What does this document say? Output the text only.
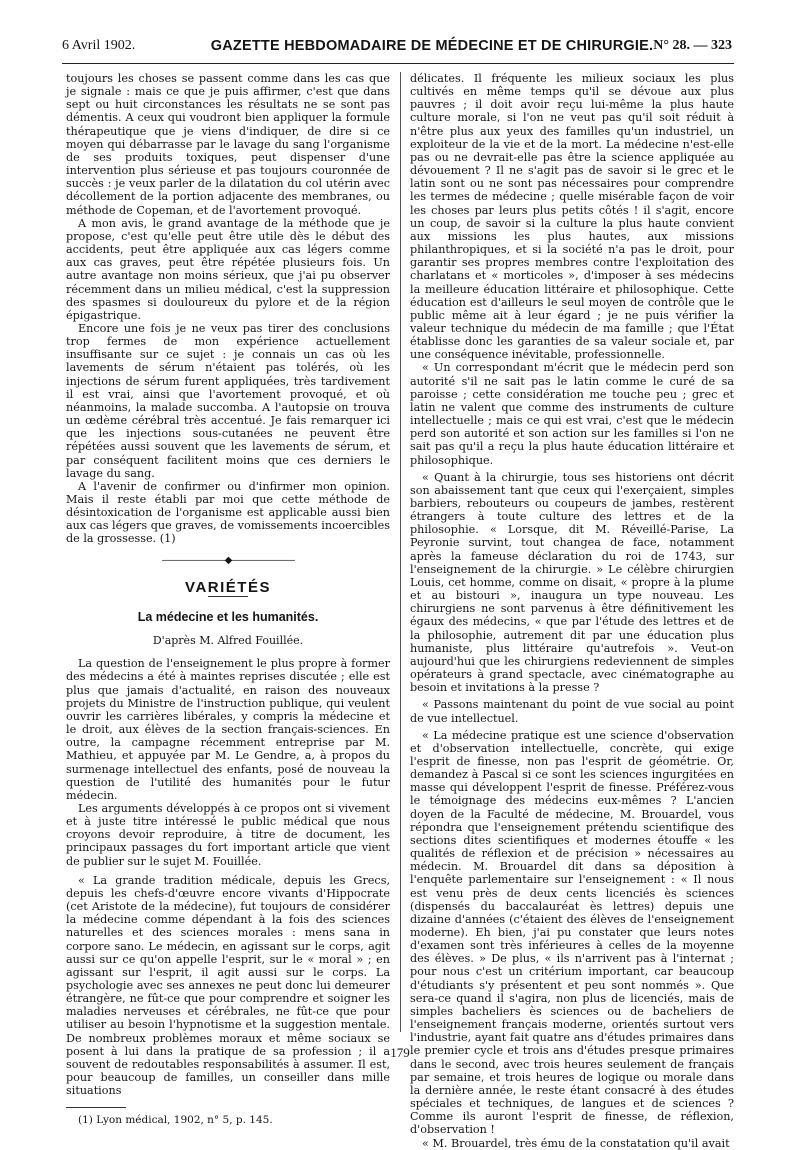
6 Avril 1902.	GAZETTE HEBDOMADAIRE DE MÉDECINE ET DE CHIRURGIE. N° 28. — 323

toujours les choses se passent comme dans les cas que je signale : mais ce que je puis affirmer, c'est que dans sept ou huit circonstances les résultats ne se sont pas démentis. A ceux qui voudront bien appliquer la formule thérapeutique que je viens d'indiquer, de dire si ce moyen qui débarrasse par le lavage du sang l'organisme de ses produits toxiques, peut dispenser d'une intervention plus sérieuse et pas toujours couronnée de succès : je veux parler de la dilatation du col utérin avec décollement de la portion adjacente des membranes, ou méthode de Copeman, et de l'avortement provoqué.

A mon avis, le grand avantage de la méthode que je propose, c'est qu'elle peut être utile dès le début des accidents, peut être appliquée aux cas légers comme aux cas graves, peut être répétée plusieurs fois. Un autre avantage non moins sérieux, que j'ai pu observer récemment dans un milieu médical, c'est la suppression des spasmes si douloureux du pylore et de la région épigastrique.

Encore une fois je ne veux pas tirer des conclusions trop fermes de mon expérience actuellement insuffisante sur ce sujet : je connais un cas où les lavements de sérum n'étaient pas tolérés, où les injections de sérum furent appliquées, très tardivement il est vrai, ainsi que l'avortement provoqué, et où néanmoins, la malade succomba. A l'autopsie on trouva un œdème cérébral très accentué. Je fais remarquer ici que les injections sous-cutanées ne peuvent être répétées aussi souvent que les lavements de sérum, et par conséquent facilitent moins que ces derniers le lavage du sang.

A l'avenir de confirmer ou d'infirmer mon opinion. Mais il reste établi par moi que cette méthode de désintoxication de l'organisme est applicable aussi bien aux cas légers que graves, de vomissements incoercibles de la grossesse. (1)

———————◆———————
VARIÉTÉS
La médecine et les humanités.
D'après M. Alfred Fouillée.

La question de l'enseignement le plus propre à former des médecins a été à maintes reprises discutée ; elle est plus que jamais d'actualité, en raison des nouveaux projets du Ministre de l'instruction publique, qui veulent ouvrir les carrières libérales, y compris la médecine et le droit, aux élèves de la section français-sciences. En outre, la campagne récemment entreprise par M. Mathieu, et appuyée par M. Le Gendre, a, à propos du surmenage intellectuel des enfants, posé de nouveau la question de l'utilité des humanités pour le futur médecin.

Les arguments développés à ce propos ont si vivement et à juste titre intéressé le public médical que nous croyons devoir reproduire, à titre de document, les principaux passages du fort important article que vient de publier sur le sujet M. Fouillée.

« La grande tradition médicale, depuis les Grecs, depuis les chefs-d'œuvre encore vivants d'Hippocrate (cet Aristote de la médecine), fut toujours de considérer la médecine comme dépendant à la fois des sciences naturelles et des sciences morales : mens sana in corpore sano. Le médecin, en agissant sur le corps, agit aussi sur ce qu'on appelle l'esprit, sur le « moral » ; en agissant sur l'esprit, il agit aussi sur le corps. La psychologie avec ses annexes ne peut donc lui demeurer étrangère, ne fût-ce que pour comprendre et soigner les maladies nerveuses et cérébrales, ne fût-ce que pour utiliser au besoin l'hypnotisme et la suggestion mentale. De nombreux problèmes moraux et même sociaux se posent à lui dans la pratique de sa profession ; il a souvent de redoutables responsabilités à assumer. Il est, pour beaucoup de familles, un conseiller dans mille situations

(1) Lyon médical, 1902, n° 5, p. 145.

délicates. Il fréquente les milieux sociaux les plus cultivés en même temps qu'il se dévoue aux plus pauvres ; il doit avoir reçu lui-même la plus haute culture morale, si l'on ne veut pas qu'il soit réduit à n'être plus aux yeux des familles qu'un industriel, un exploiteur de la vie et de la mort. La médecine n'est-elle pas ou ne devrait-elle pas être la science appliquée au dévouement ? Il ne s'agit pas de savoir si le grec et le latin sont ou ne sont pas nécessaires pour comprendre les termes de médecine ; quelle misérable façon de voir les choses par leurs plus petits côtés ! il s'agit, encore un coup, de savoir si la culture la plus haute convient aux missions les plus hautes, aux missions philanthropiques, et si la société n'a pas le droit, pour garantir ses propres membres contre l'exploitation des charlatans et « morticoles », d'imposer à ses médecins la meilleure éducation littéraire et philosophique. Cette éducation est d'ailleurs le seul moyen de contrôle que le public même ait à leur égard ; je ne puis vérifier la valeur technique du médecin de ma famille ; que l'État établisse donc les garanties de sa valeur sociale et, par une conséquence inévitable, professionnelle.

« Un correspondant m'écrit que le médecin perd son autorité s'il ne sait pas le latin comme le curé de sa paroisse ; cette considération me touche peu ; grec et latin ne valent que comme des instruments de culture intellectuelle ; mais ce qui est vrai, c'est que le médecin perd son autorité et son action sur les familles si l'on ne sait pas qu'il a reçu la plus haute éducation littéraire et philosophique.

« Quant à la chirurgie, tous ses historiens ont décrit son abaissement tant que ceux qui l'exerçaient, simples barbiers, rebouteurs ou coupeurs de jambes, restèrent étrangers à toute culture des lettres et de la philosophie. « Lorsque, dit M. Réveillé-Parise, La Peyronie survint, tout changea de face, notamment après la fameuse déclaration du roi de 1743, sur l'enseignement de la chirurgie. » Le célèbre chirurgien Louis, cet homme, comme on disait, « propre à la plume et au bistouri », inaugura un type nouveau. Les chirurgiens ne sont parvenus à être définitivement les égaux des médecins, « que par l'étude des lettres et de la philosophie, autrement dit par une éducation plus humaniste, plus littéraire qu'autrefois ». Veut-on aujourd'hui que les chirurgiens redeviennent de simples opérateurs à grand spectacle, avec cinématographe au besoin et invitations à la presse ?

« Passons maintenant du point de vue social au point de vue intellectuel.

« La médecine pratique est une science d'observation et d'observation intellectuelle, concrète, qui exige l'esprit de finesse, non pas l'esprit de géométrie. Or, demandez à Pascal si ce sont les sciences ingurgitées en masse qui développent l'esprit de finesse. Préférez-vous le témoignage des médecins eux-mêmes ? L'ancien doyen de la Faculté de médecine, M. Brouardel, vous répondra que l'enseignement prétendu scientifique des sections dites scientifiques et modernes étouffe « les qualités de réflexion et de précision » nécessaires au médecin. M. Brouardel dit dans sa déposition à l'enquête parlementaire sur l'enseignement : « Il nous est venu près de deux cents licenciés ès sciences (dispensés du baccalauréat ès lettres) depuis une dizaine d'années (c'étaient des élèves de l'enseignement moderne). Eh bien, j'ai pu constater que leurs notes d'examen sont très inférieures à celles de la moyenne des élèves. » De plus, « ils n'arrivent pas à l'internat ; pour nous c'est un critérium important, car beaucoup d'étudiants s'y présentent et peu sont nommés ». Que sera-ce quand il s'agira, non plus de licenciés, mais de simples bacheliers ès sciences ou de bacheliers de l'enseignement français moderne, orientés surtout vers l'industrie, ayant fait quatre ans d'études primaires dans le premier cycle et trois ans d'études presque primaires dans le second, avec trois heures seulement de français par semaine, et trois heures de logique ou morale dans la dernière année, le reste étant consacré à des études spéciales et techniques, de langues et de sciences ? Comme ils auront l'esprit de finesse, de réflexion, d'observation !

« M. Brouardel, très ému de la constatation qu'il avait

179
